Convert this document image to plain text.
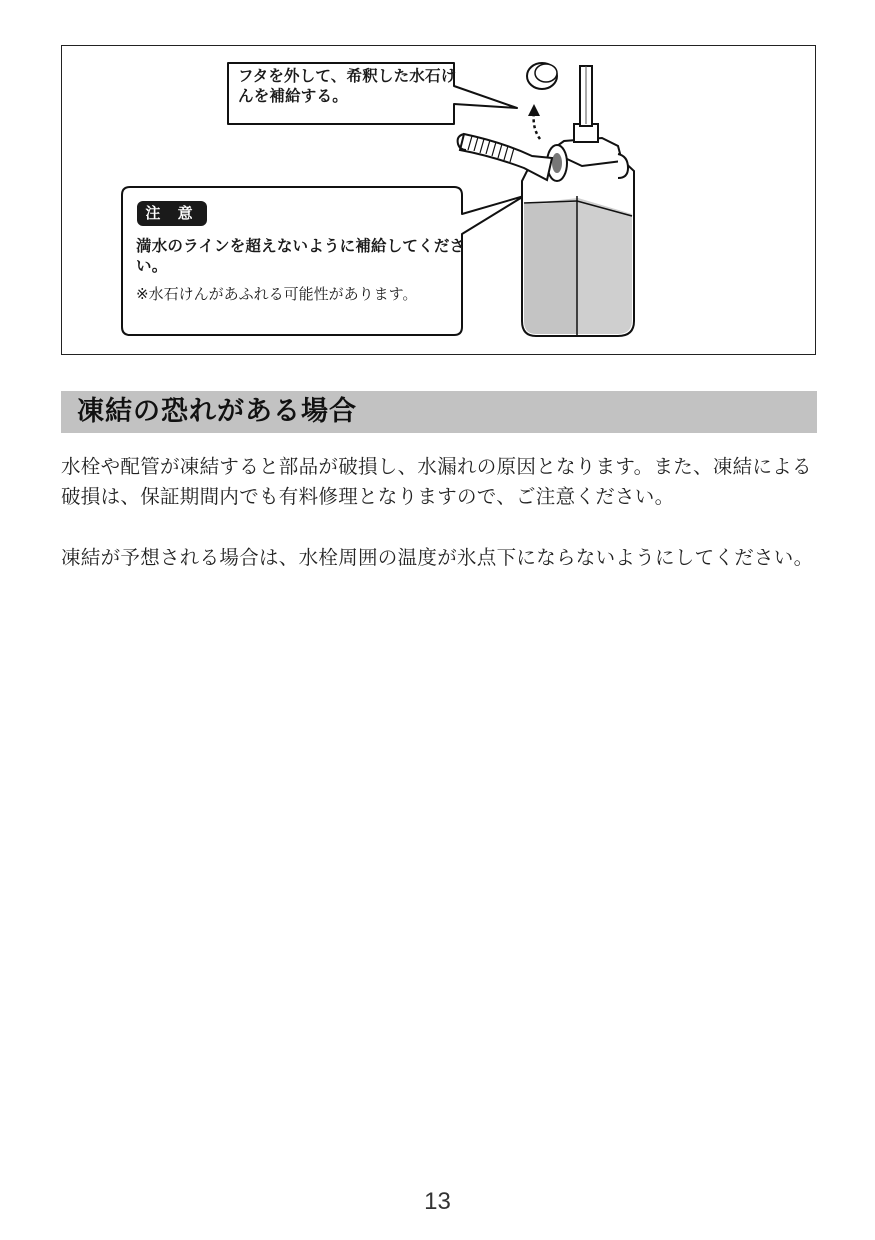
フタを外して、希釈した水石けんを補給する。
注 意
満水のラインを超えないように補給してください。
※水石けんがあふれる可能性があります。
凍結の恐れがある場合
水栓や配管が凍結すると部品が破損し、水漏れの原因となります。また、凍結による破損は、保証期間内でも有料修理となりますので、ご注意ください。
凍結が予想される場合は、水栓周囲の温度が氷点下にならないようにしてください。
13
